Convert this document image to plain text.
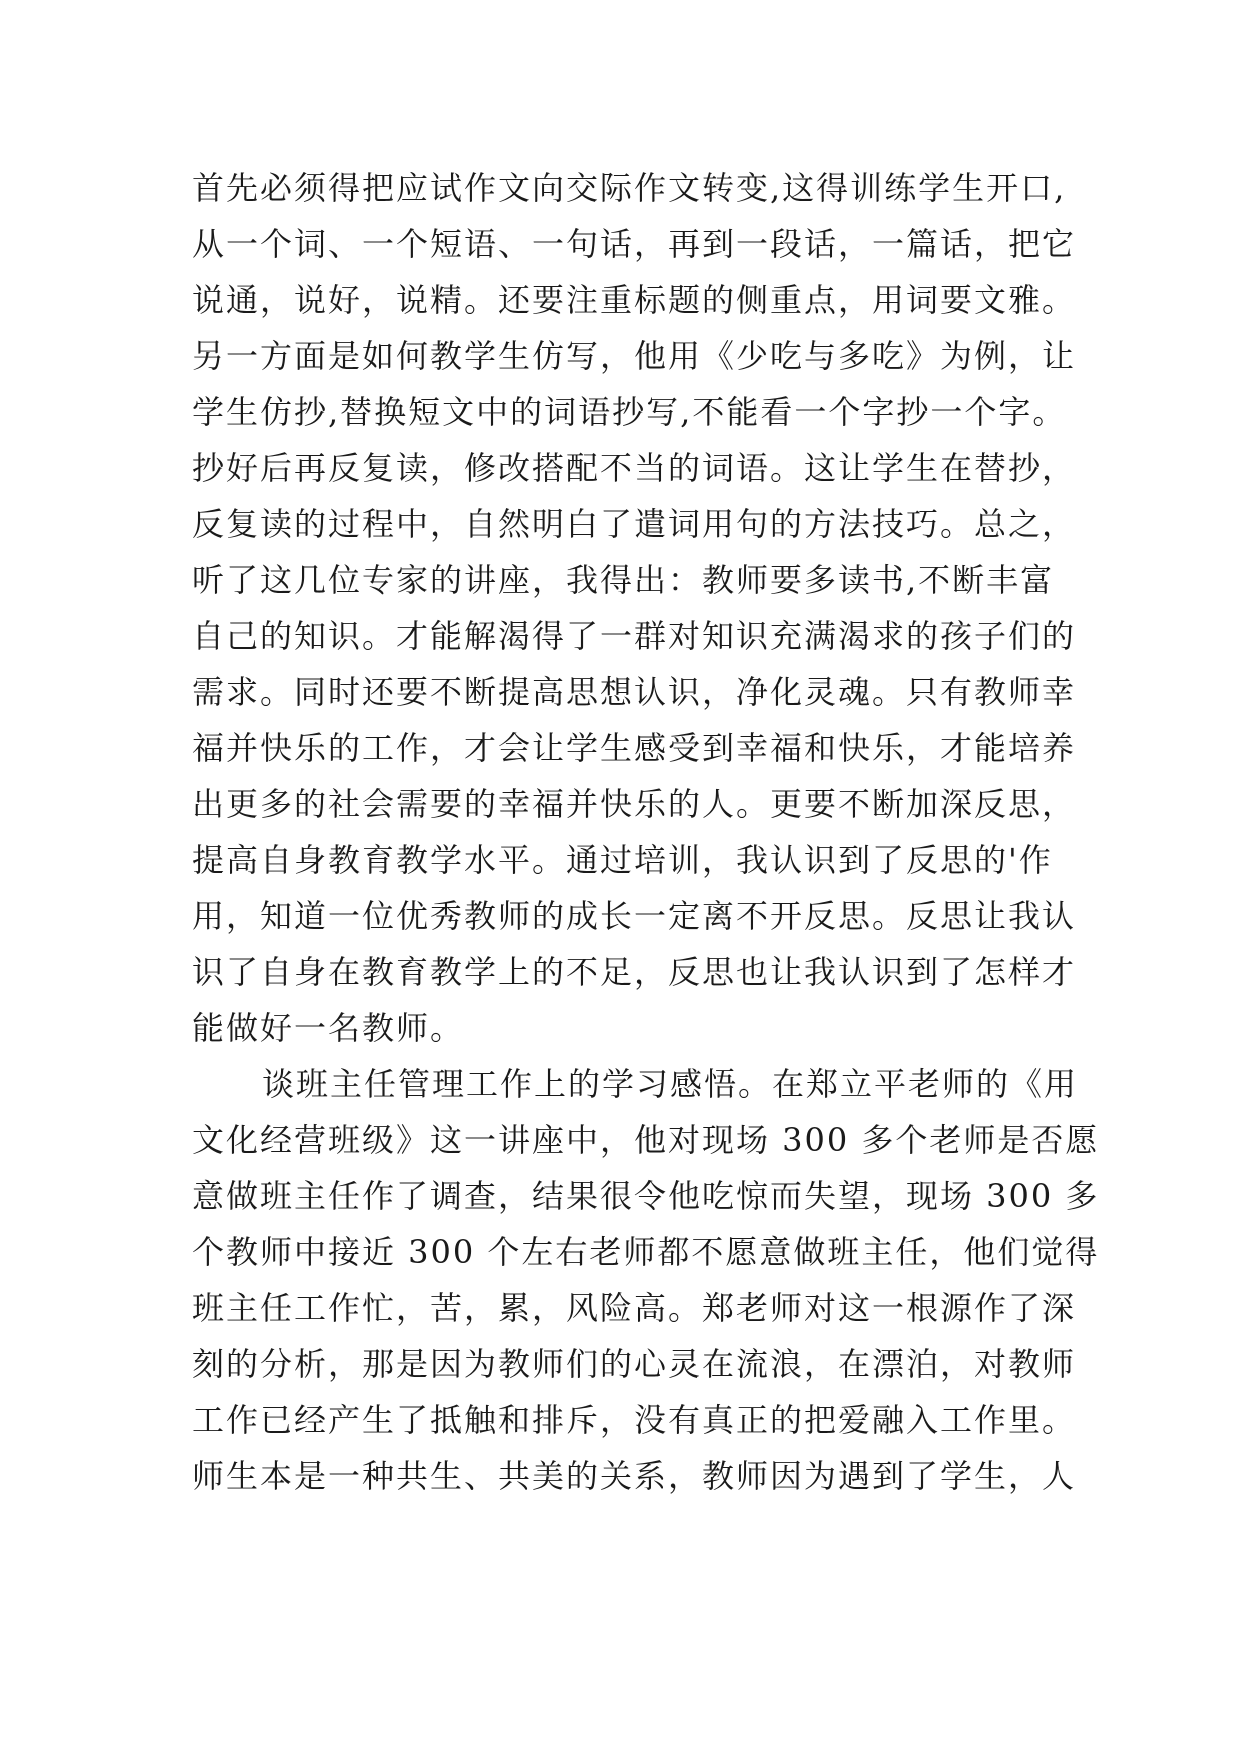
首先必须得把应试作文向交际作文转变,这得训练学生开口,
从一个词、一个短语、一句话，再到一段话，一篇话，把它
说通，说好，说精。还要注重标题的侧重点，用词要文雅。
另一方面是如何教学生仿写，他用《少吃与多吃》为例，让
学生仿抄,替换短文中的词语抄写,不能看一个字抄一个字。
抄好后再反复读，修改搭配不当的词语。这让学生在替抄，
反复读的过程中，自然明白了遣词用句的方法技巧。总之，
听了这几位专家的讲座，我得出：教师要多读书,不断丰富
自己的知识。才能解渴得了一群对知识充满渴求的孩子们的
需求。同时还要不断提高思想认识，净化灵魂。只有教师幸
福并快乐的工作，才会让学生感受到幸福和快乐，才能培养
出更多的社会需要的幸福并快乐的人。更要不断加深反思，
提高自身教育教学水平。通过培训，我认识到了反思的'作
用，知道一位优秀教师的成长一定离不开反思。反思让我认
识了自身在教育教学上的不足，反思也让我认识到了怎样才
能做好一名教师。
谈班主任管理工作上的学习感悟。在郑立平老师的《用
文化经营班级》这一讲座中，他对现场 300 多个老师是否愿
意做班主任作了调查，结果很令他吃惊而失望，现场 300 多
个教师中接近 300 个左右老师都不愿意做班主任，他们觉得
班主任工作忙，苦，累，风险高。郑老师对这一根源作了深
刻的分析，那是因为教师们的心灵在流浪，在漂泊，对教师
工作已经产生了抵触和排斥，没有真正的把爱融入工作里。
师生本是一种共生、共美的关系，教师因为遇到了学生，人
